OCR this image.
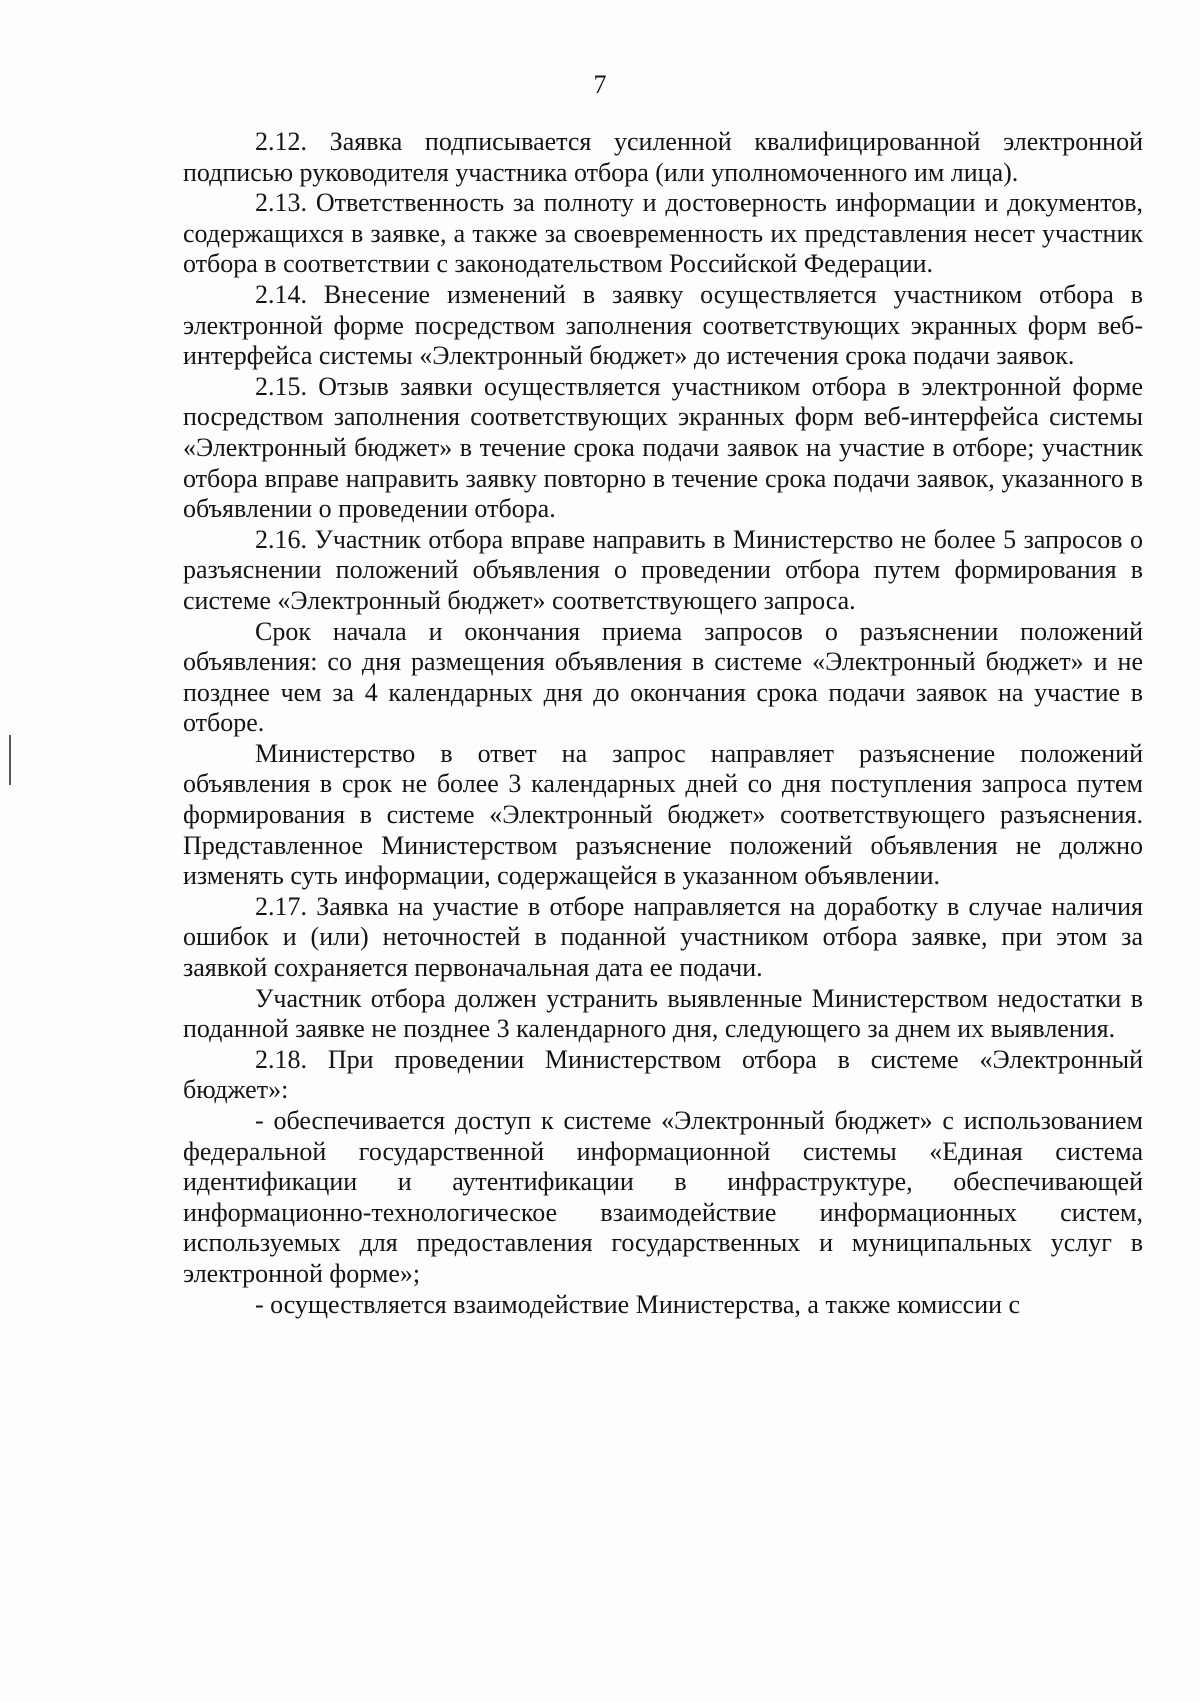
7

2.12. Заявка подписывается усиленной квалифицированной электронной подписью руководителя участника отбора (или уполномоченного им лица).

2.13. Ответственность за полноту и достоверность информации и документов, содержащихся в заявке, а также за своевременность их представления несет участник отбора в соответствии с законодательством Российской Федерации.

2.14. Внесение изменений в заявку осуществляется участником отбора в электронной форме посредством заполнения соответствующих экранных форм веб-интерфейса системы «Электронный бюджет» до истечения срока подачи заявок.

2.15. Отзыв заявки осуществляется участником отбора в электронной форме посредством заполнения соответствующих экранных форм веб-интерфейса системы «Электронный бюджет» в течение срока подачи заявок на участие в отборе; участник отбора вправе направить заявку повторно в течение срока подачи заявок, указанного в объявлении о проведении отбора.

2.16. Участник отбора вправе направить в Министерство не более 5 запросов о разъяснении положений объявления о проведении отбора путем формирования в системе «Электронный бюджет» соответствующего запроса.

Срок начала и окончания приема запросов о разъяснении положений объявления: со дня размещения объявления в системе «Электронный бюджет» и не позднее чем за 4 календарных дня до окончания срока подачи заявок на участие в отборе.

Министерство в ответ на запрос направляет разъяснение положений объявления в срок не более 3 календарных дней со дня поступления запроса путем формирования в системе «Электронный бюджет» соответствующего разъяснения. Представленное Министерством разъяснение положений объявления не должно изменять суть информации, содержащейся в указанном объявлении.

2.17. Заявка на участие в отборе направляется на доработку в случае наличия ошибок и (или) неточностей в поданной участником отбора заявке, при этом за заявкой сохраняется первоначальная дата ее подачи.

Участник отбора должен устранить выявленные Министерством недостатки в поданной заявке не позднее 3 календарного дня, следующего за днем их выявления.

2.18. При проведении Министерством отбора в системе «Электронный бюджет»:

- обеспечивается доступ к системе «Электронный бюджет» с использованием федеральной государственной информационной системы «Единая система идентификации и аутентификации в инфраструктуре, обеспечивающей информационно-технологическое взаимодействие информационных систем, используемых для предоставления государственных и муниципальных услуг в электронной форме»;

- осуществляется взаимодействие Министерства, а также комиссии с
